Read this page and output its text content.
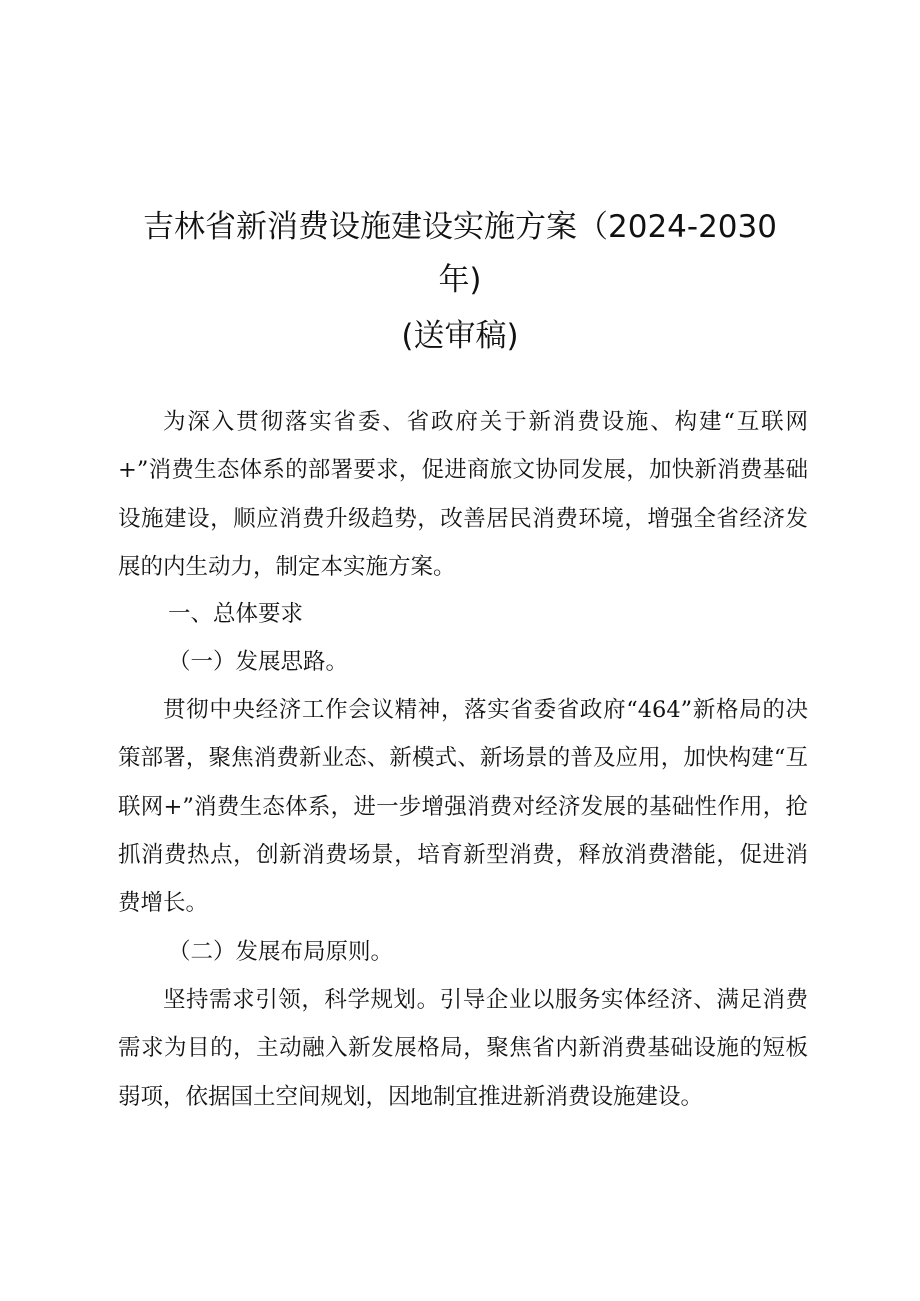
吉林省新消费设施建设实施方案（2024-2030
年)
(送审稿)

为深入贯彻落实省委、省政府关于新消费设施、构建“互联网+”消费生态体系的部署要求，促进商旅文协同发展，加快新消费基础设施建设，顺应消费升级趋势，改善居民消费环境，增强全省经济发展的内生动力，制定本实施方案。

一、总体要求
（一）发展思路。

贯彻中央经济工作会议精神，落实省委省政府“464”新格局的决策部署，聚焦消费新业态、新模式、新场景的普及应用，加快构建“互联网+”消费生态体系，进一步增强消费对经济发展的基础性作用，抢抓消费热点，创新消费场景，培育新型消费，释放消费潜能，促进消费增长。

（二）发展布局原则。

坚持需求引领，科学规划。引导企业以服务实体经济、满足消费需求为目的，主动融入新发展格局，聚焦省内新消费基础设施的短板弱项，依据国土空间规划，因地制宜推进新消费设施建设。
